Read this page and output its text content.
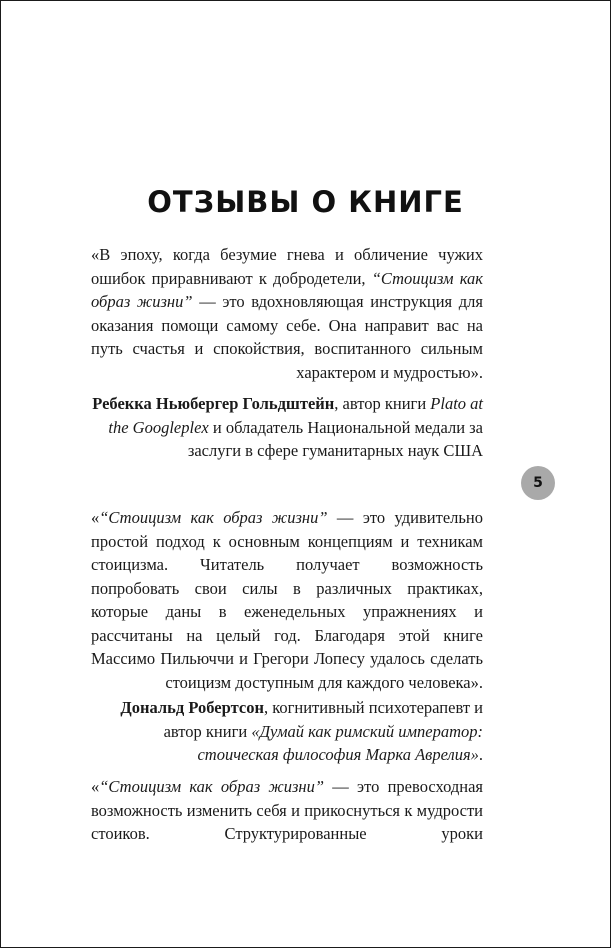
ОТЗЫВЫ О КНИГЕ

«В эпоху, когда безумие гнева и обличение чужих ошибок приравнивают к добродетели, “Стоицизм как образ жизни” — это вдохновляющая инструкция для оказания помощи самому себе. Она направит вас на путь счастья и спокойствия, воспитанного сильным характером и мудростью».

Ребекка Ньюбергер Гольдштейн, автор книги Plato at the Googleplex и обладатель Национальной медали за заслуги в сфере гуманитарных наук США

5

«“Стоицизм как образ жизни” — это удивительно простой подход к основным концепциям и техникам стоицизма. Читатель получает возможность попробовать свои силы в различных практиках, которые даны в еженедельных упражнениях и рассчитаны на целый год. Благодаря этой книге Массимо Пильюччи и Грегори Лопесу удалось сделать стоицизм доступным для каждого человека».

Дональд Робертсон, когнитивный психотерапевт и автор книги «Думай как римский император: стоическая философия Марка Аврелия».

«“Стоицизм как образ жизни” — это превосходная возможность изменить себя и прикоснуться к мудрости стоиков. Структурированные уроки
